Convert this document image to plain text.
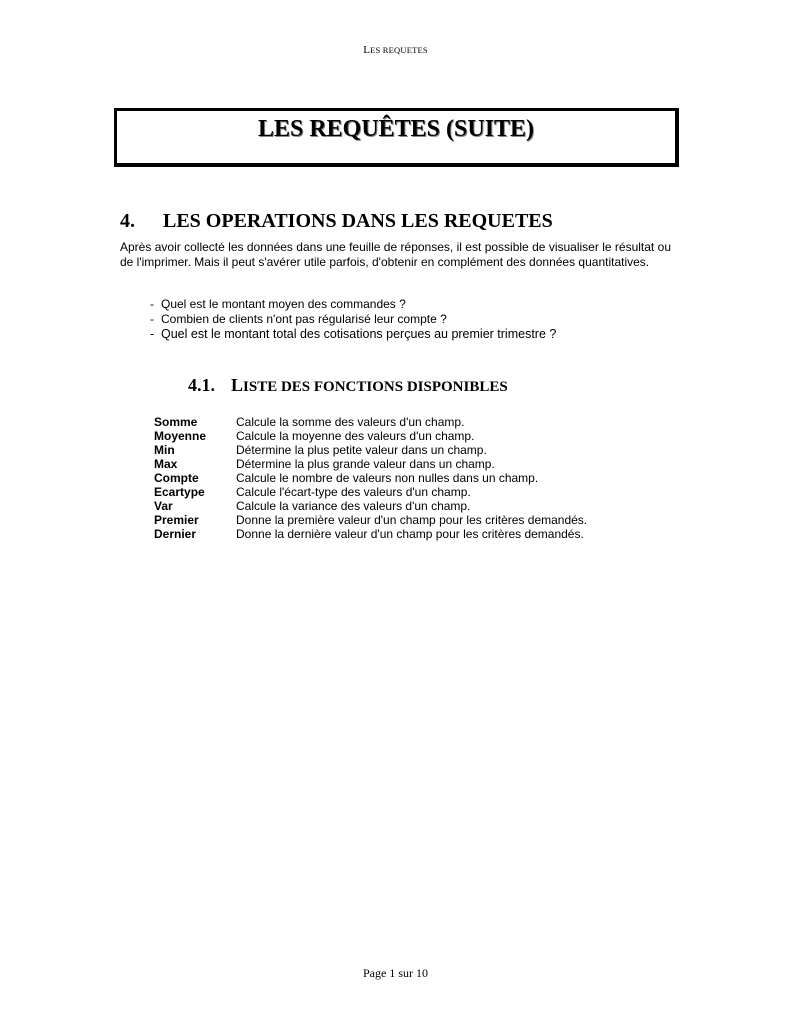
LES REQUETES
LES REQUÊTES (SUITE)
4. LES OPERATIONS DANS LES REQUETES

Après avoir collecté les données dans une feuille de réponses, il est possible de visualiser le résultat ou de l'imprimer. Mais il peut s'avérer utile parfois, d'obtenir en complément des données quantitatives.

- Quel est le montant moyen des commandes ?
- Combien de clients n'ont pas régularisé leur compte ?
- Quel est le montant total des cotisations perçues au premier trimestre ?
4.1. LISTE DES FONCTIONS DISPONIBLES
Somme	Calcule la somme des valeurs d'un champ.
Moyenne	Calcule la moyenne des valeurs d'un champ.
Min	Détermine la plus petite valeur dans un champ.
Max	Détermine la plus grande valeur dans un champ.
Compte	Calcule le nombre de valeurs non nulles dans un champ.
Ecartype	Calcule l'écart-type des valeurs d'un champ.
Var	Calcule la variance des valeurs d'un champ.
Premier	Donne la première valeur d'un champ pour les critères demandés.
Dernier	Donne la dernière valeur d'un champ pour les critères demandés.
Page 1 sur 10
